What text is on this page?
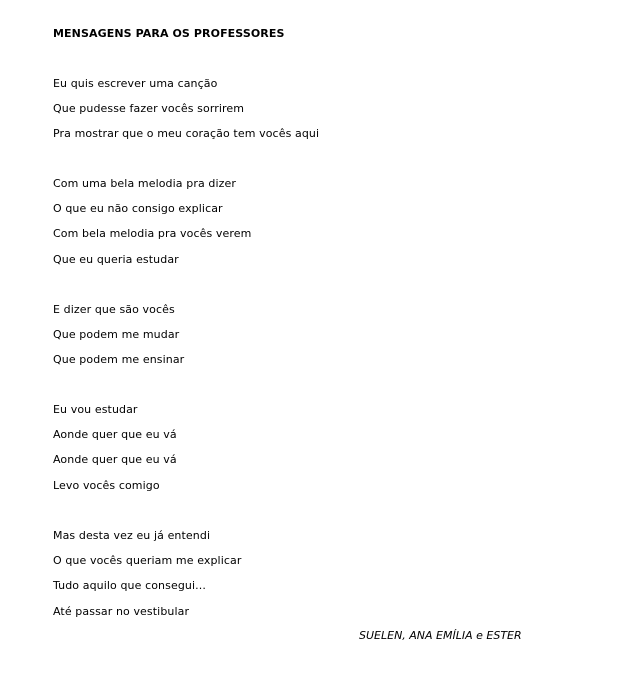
MENSAGENS PARA OS PROFESSORES
Eu quis escrever uma canção
Que pudesse fazer vocês sorrirem
Pra mostrar que o meu coração tem vocês aqui
Com uma bela melodia pra dizer
O que eu não consigo explicar
Com bela melodia pra vocês verem
Que eu queria estudar
E dizer que são vocês
Que podem me mudar
Que podem me ensinar
Eu vou estudar
Aonde quer que eu vá
Aonde quer que eu vá
Levo vocês comigo
Mas desta vez eu já entendi
O que vocês queriam me explicar
Tudo aquilo que consegui...
Até passar no vestibular
SUELEN, ANA EMÍLIA e ESTER
